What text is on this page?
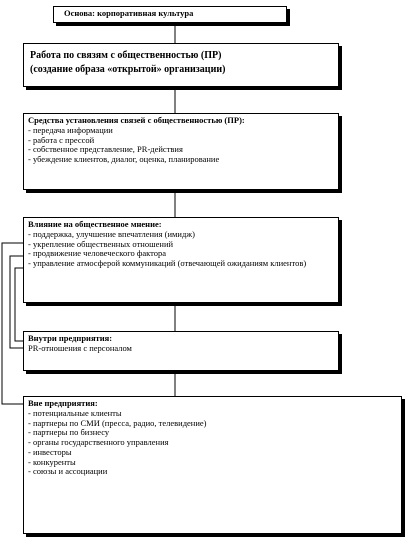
Основа: корпоративная культура
Работа по связям с общественностью (ПР)
(создание образа «открытой» организации)
Средства установления связей с общественностью (ПР):
- передача информации
- работа с прессой
- собственное представление, PR-действия
- убеждение клиентов, диалог, оценка, планирование
Влияние на общественное мнение:
- поддержка, улучшение впечатления (имидж)
- укрепление общественных отношений
- продвижение человеческого фактора
- управление атмосферой коммуникаций (отвечающей ожиданиям клиентов)
Внутри предприятия:
PR-отношения с персоналом
Вне предприятия:
- потенциальные клиенты
- партнеры по СМИ (пресса, радио, телевидение)
- партнеры по бизнесу
- органы государственного управления
- инвесторы
- конкуренты
- союзы и ассоциации
